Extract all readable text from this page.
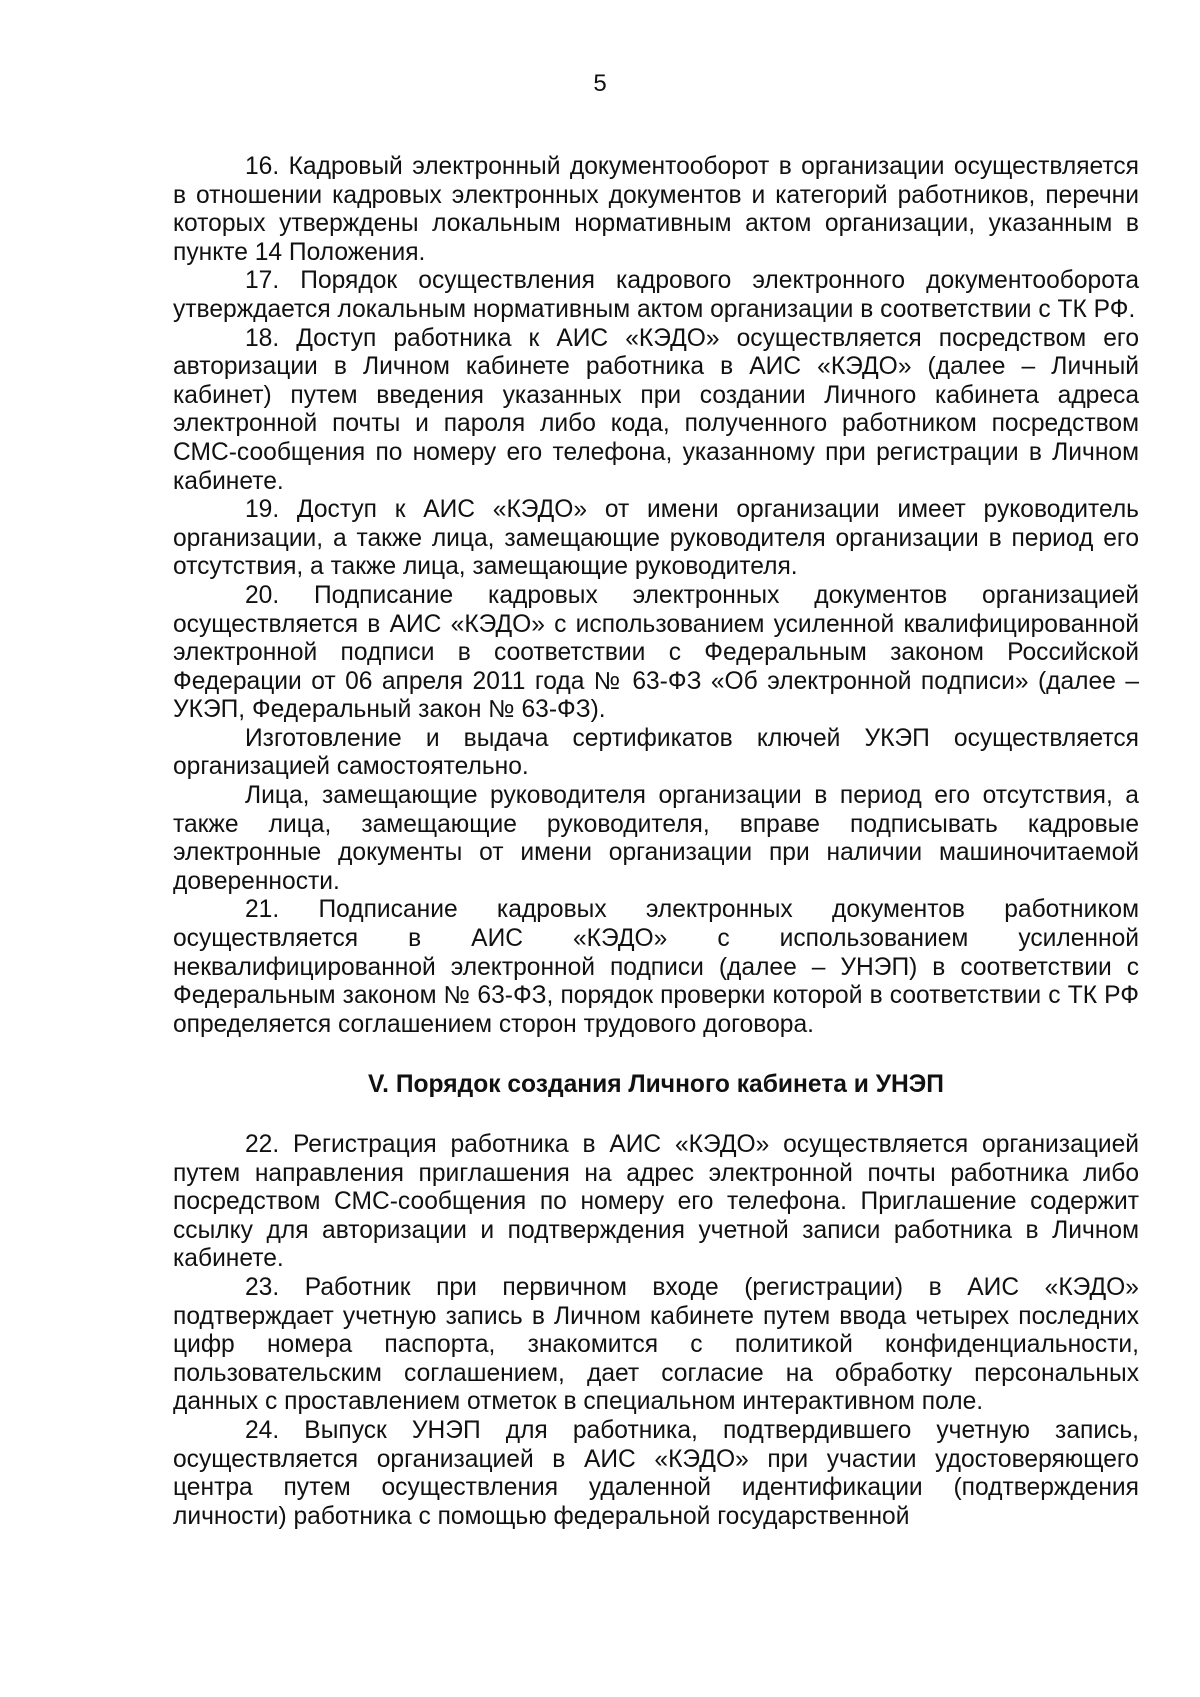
5

16. Кадровый электронный документооборот в организации осуществляется в отношении кадровых электронных документов и категорий работников, перечни которых утверждены локальным нормативным актом организации, указанным в пункте 14 Положения.

17. Порядок осуществления кадрового электронного документооборота утверждается локальным нормативным актом организации в соответствии с ТК РФ.

18. Доступ работника к АИС «КЭДО» осуществляется посредством его авторизации в Личном кабинете работника в АИС «КЭДО» (далее – Личный кабинет) путем введения указанных при создании Личного кабинета адреса электронной почты и пароля либо кода, полученного работником посредством СМС-сообщения по номеру его телефона, указанному при регистрации в Личном кабинете.

19. Доступ к АИС «КЭДО» от имени организации имеет руководитель организации, а также лица, замещающие руководителя организации в период его отсутствия, а также лица, замещающие руководителя.

20. Подписание кадровых электронных документов организацией осуществляется в АИС «КЭДО» с использованием усиленной квалифицированной электронной подписи в соответствии с Федеральным законом Российской Федерации от 06 апреля 2011 года № 63-ФЗ «Об электронной подписи» (далее – УКЭП, Федеральный закон № 63-ФЗ).

Изготовление и выдача сертификатов ключей УКЭП осуществляется организацией самостоятельно.

Лица, замещающие руководителя организации в период его отсутствия, а также лица, замещающие руководителя, вправе подписывать кадровые электронные документы от имени организации при наличии машиночитаемой доверенности.

21. Подписание кадровых электронных документов работником осуществляется в АИС «КЭДО» с использованием усиленной неквалифицированной электронной подписи (далее – УНЭП) в соответствии с Федеральным законом № 63-ФЗ, порядок проверки которой в соответствии с ТК РФ определяется соглашением сторон трудового договора.

V. Порядок создания Личного кабинета и УНЭП

22. Регистрация работника в АИС «КЭДО» осуществляется организацией путем направления приглашения на адрес электронной почты работника либо посредством СМС-сообщения по номеру его телефона. Приглашение содержит ссылку для авторизации и подтверждения учетной записи работника в Личном кабинете.

23. Работник при первичном входе (регистрации) в АИС «КЭДО» подтверждает учетную запись в Личном кабинете путем ввода четырех последних цифр номера паспорта, знакомится с политикой конфиденциальности, пользовательским соглашением, дает согласие на обработку персональных данных с проставлением отметок в специальном интерактивном поле.

24. Выпуск УНЭП для работника, подтвердившего учетную запись, осуществляется организацией в АИС «КЭДО» при участии удостоверяющего центра путем осуществления удаленной идентификации (подтверждения личности) работника с помощью федеральной государственной
